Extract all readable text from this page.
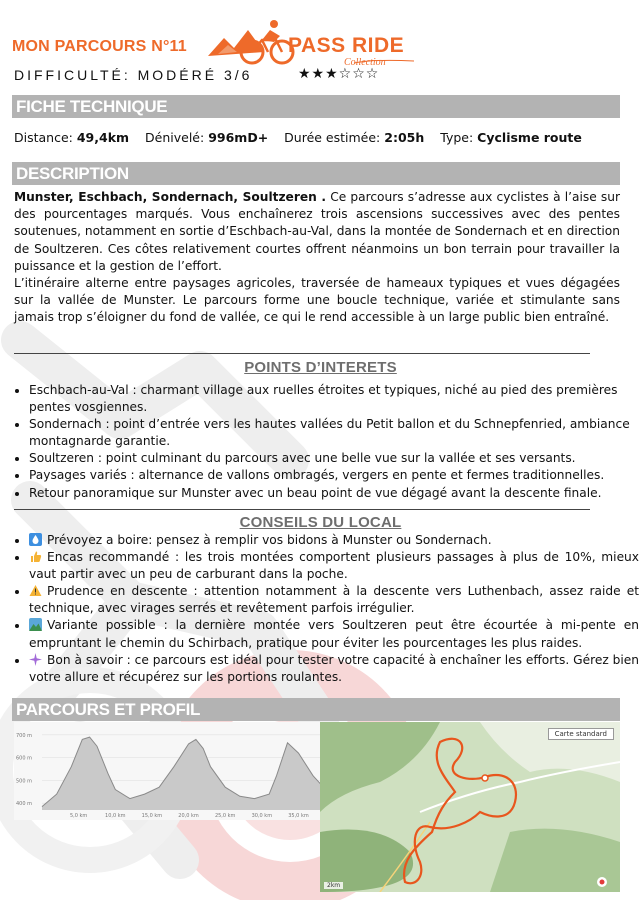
MON PARCOURS N°11	PASS RIDE
Collection
DIFFICULTÉ: MODÉRÉ 3/6	★★★☆☆☆
FICHE TECHNIQUE
Distance: 49,4km Dénivelé: 996mD+ Durée estimée: 2:05h Type: Cyclisme route
DESCRIPTION

Munster, Eschbach, Sondernach, Soultzeren . Ce parcours s’adresse aux cyclistes à l’aise sur des pourcentages marqués. Vous enchaînerez trois ascensions successives avec des pentes soutenues, notamment en sortie d’Eschbach-au-Val, dans la montée de Sondernach et en direction de Soultzeren. Ces côtes relativement courtes offrent néanmoins un bon terrain pour travailler la puissance et la gestion de l’effort.

L’itinéraire alterne entre paysages agricoles, traversée de hameaux typiques et vues dégagées sur la vallée de Munster. Le parcours forme une boucle technique, variée et stimulante sans jamais trop s’éloigner du fond de vallée, ce qui le rend accessible à un large public bien entraîné.

POINTS D’INTERETS
• Eschbach-au-Val : charmant village aux ruelles étroites et typiques, niché au pied des premières pentes vosgiennes.
• Sondernach : point d’entrée vers les hautes vallées du Petit ballon et du Schnepfenried, ambiance montagnarde garantie.
• Soultzeren : point culminant du parcours avec une belle vue sur la vallée et ses versants.
• Paysages variés : alternance de vallons ombragés, vergers en pente et fermes traditionnelles.
• Retour panoramique sur Munster avec un beau point de vue dégagé avant la descente finale.
CONSEILS DU LOCAL
• Prévoyez a boire: pensez à remplir vos bidons à Munster ou Sondernach.
• Encas recommandé : les trois montées comportent plusieurs passages à plus de 10%, mieux vaut partir avec un peu de carburant dans la poche.
• Prudence en descente : attention notamment à la descente vers Luthenbach, assez raide et technique, avec virages serrés et revêtement parfois irrégulier.
• Variante possible : la dernière montée vers Soultzeren peut être écourtée à mi-pente en empruntant le chemin du Schirbach, pratique pour éviter les pourcentages les plus raides.
• Bon à savoir : ce parcours est idéal pour tester votre capacité à enchaîner les efforts. Gérez bien votre allure et récupérez sur les portions roulantes.
PARCOURS ET PROFIL
700 m
600 m
500 m
400 m
5,0 km	10,0 km	15,0 km	20,0 km	25,0 km	30,0 km	35,0 km
Carte standard
2km
